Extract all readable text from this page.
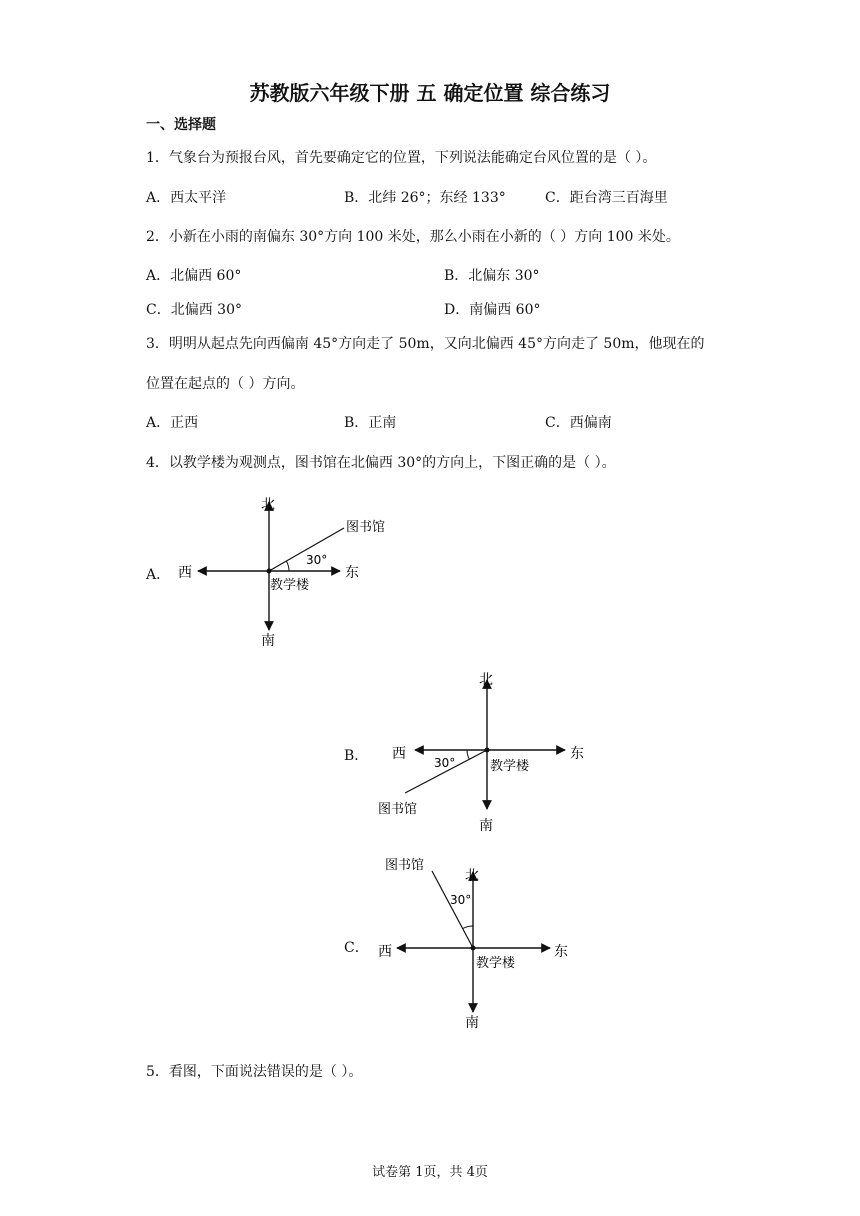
苏教版六年级下册 五 确定位置 综合练习
一、选择题
1．气象台为预报台风，首先要确定它的位置，下列说法能确定台风位置的是（ ）。
A．西太平洋	B．北纬 26°；东经 133°	C．距台湾三百海里
2．小新在小雨的南偏东 30°方向 100 米处，那么小雨在小新的（ ）方向 100 米处。
A．北偏西 60°	B．北偏东 30°
C．北偏西 30°	D．南偏西 60°
3．明明从起点先向西偏南 45°方向走了 50m，又向北偏西 45°方向走了 50m，他现在的
位置在起点的（ ）方向。
A．正西	B．正南	C．西偏南
4．以教学楼为观测点，图书馆在北偏西 30°的方向上，下图正确的是（ ）。
A．
北
南
东
西
教学楼
图书馆
30°
B．
北
南
东
西
教学楼
图书馆
30°
C．
北
南
东
西
教学楼
图书馆
30°
5．看图，下面说法错误的是（ ）。
试卷第 1页，共 4页
